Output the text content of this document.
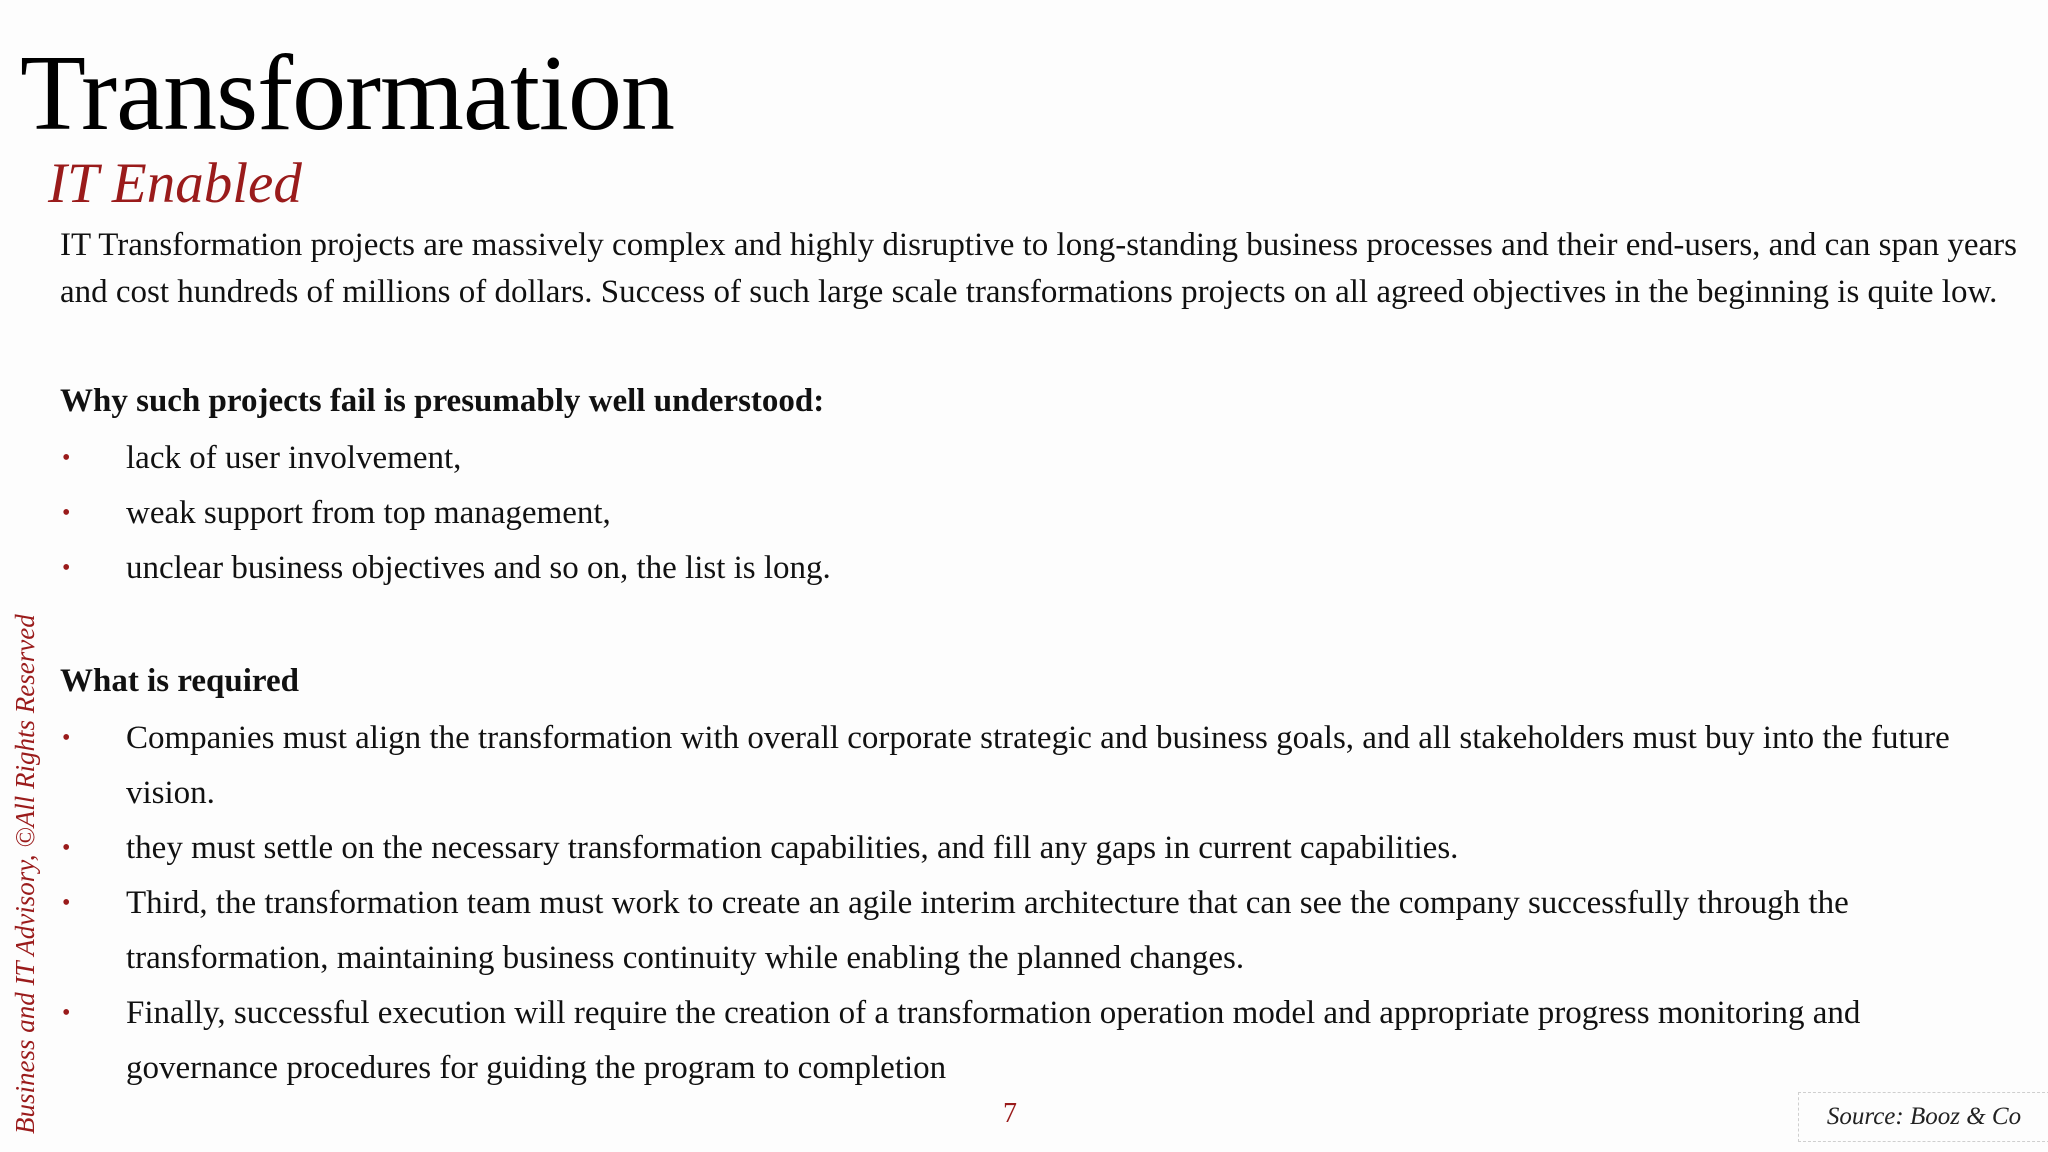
Transformation
IT Enabled
Business and IT Advisory, ©All Rights Reserved

IT Transformation projects are massively complex and highly disruptive to long-standing business processes and their end-users, and can span years and cost hundreds of millions of dollars. Success of such large scale transformations projects on all agreed objectives in the beginning is quite low.

Why such projects fail is presumably well understood:

• lack of user involvement,
• weak support from top management,
• unclear business objectives and so on, the list is long.

What is required

• Companies must align the transformation with overall corporate strategic and business goals, and all stakeholders must buy into the future vision.
• they must settle on the necessary transformation capabilities, and fill any gaps in current capabilities.
• Third, the transformation team must work to create an agile interim architecture that can see the company successfully through the transformation, maintaining business continuity while enabling the planned changes.
• Finally, successful execution will require the creation of a transformation operation model and appropriate progress monitoring and governance procedures for guiding the program to completion
7	Source: Booz & Co
